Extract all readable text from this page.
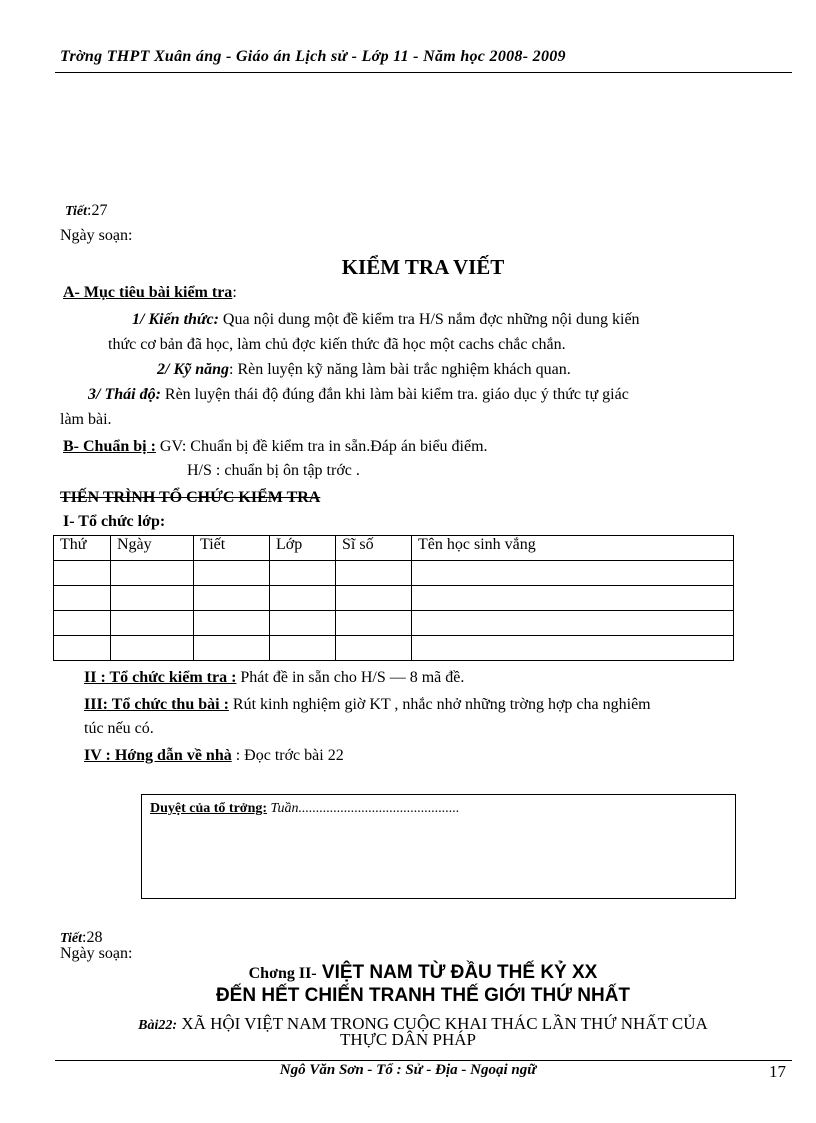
Trờng THPT Xuân áng - Giáo án Lịch sử - Lớp 11 - Năm học 2008- 2009
Tiết:27
Ngày soạn:
KIỂM TRA VIẾT
A- Mục tiêu bài kiểm tra:
1/ Kiến thức: Qua nội dung một đề kiểm tra H/S nắm đợc những nội dung kiến
thức cơ bản đã học, làm chủ đợc kiến thức đã học một cachs chắc chắn.
2/ Kỹ năng: Rèn luyện kỹ năng làm bài trắc nghiệm khách quan.
3/ Thái độ: Rèn luyện thái độ đúng đắn khi làm bài kiểm tra. giáo dục ý thức tự giác
làm bài.
B- Chuẩn bị : GV: Chuẩn bị đề kiểm tra in sẵn.Đáp án biểu điểm.
H/S : chuẩn bị ôn tập trớc .
TIẾN TRÌNH TỔ CHỨC KIỂM TRA
I- Tổ chức lớp:
Thứ	Ngày	Tiết	Lớp	Sĩ số	Tên học sinh vắng

II : Tổ chức kiểm tra : Phát đề in sẵn cho H/S — 8 mã đề.
III: Tổ chức thu bài : Rút kinh nghiệm giờ KT , nhắc nhở những trờng hợp cha nghiêm
túc nếu có.
IV : Hớng dẫn về nhà : Đọc trớc bài 22
Duyệt của tổ trởng: Tuần..............................................
Tiết:28
Ngày soạn:
Chơng II- VIỆT NAM TỪ ĐẦU THẾ KỶ XX
ĐẾN HẾT CHIẾN TRANH THẾ GIỚI THỨ NHẤT
Bài22: XÃ HỘI VIỆT NAM TRONG CUỘC KHAI THÁC LẦN THỨ NHẤT CỦA
THỰC DÂN PHÁP
Ngô Văn Sơn - Tổ : Sử - Địa - Ngoại ngữ	17
